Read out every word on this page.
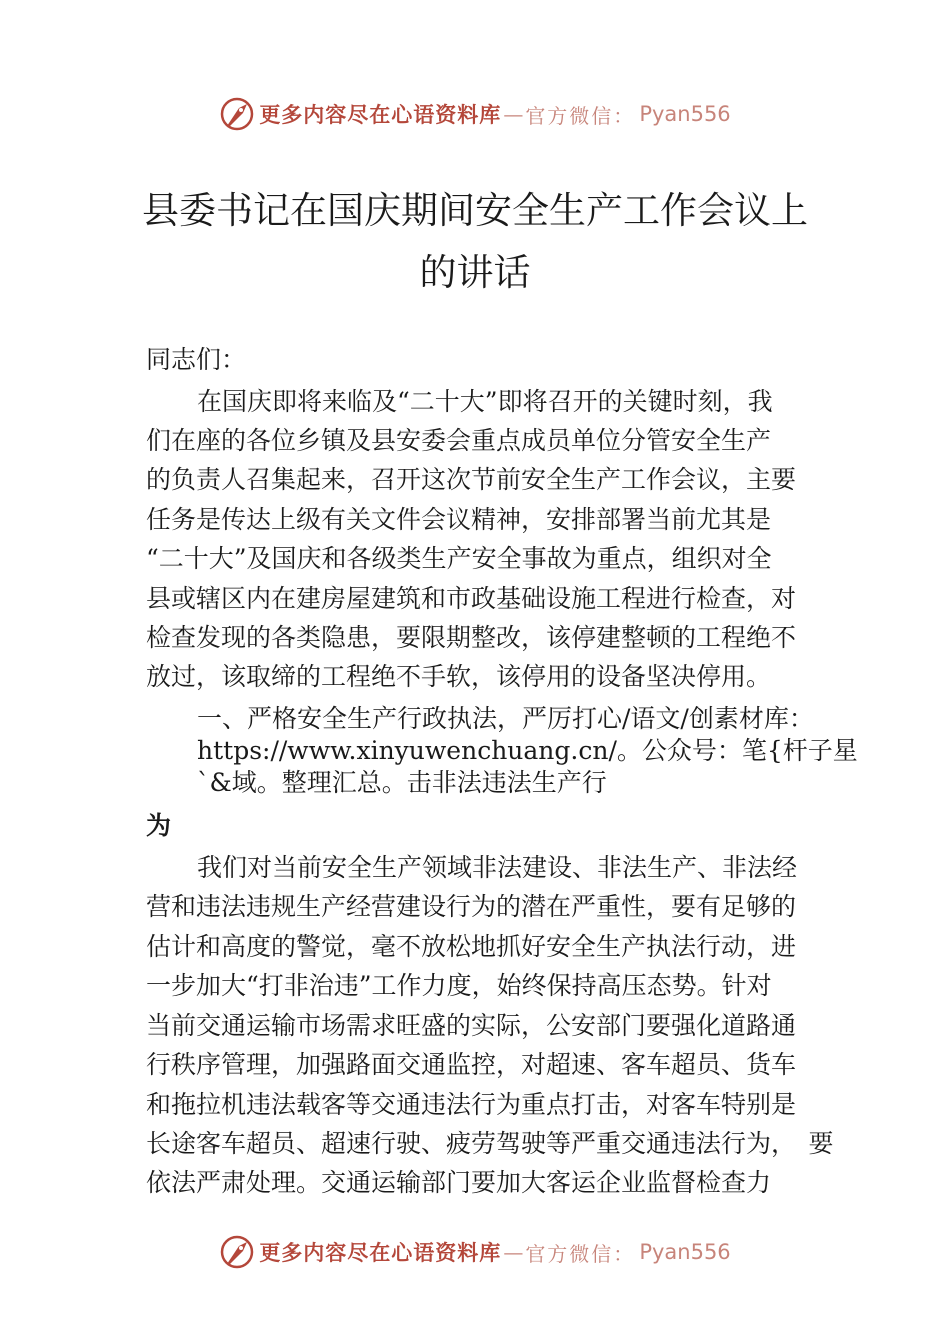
更多内容尽在心语资料库 — 官方微信： Pyan556
县委书记在国庆期间安全生产工作会议上
的讲话
同志们：
在国庆即将来临及“二十大”即将召开的关键时刻，我
们在座的各位乡镇及县安委会重点成员单位分管安全生产
的负责人召集起来，召开这次节前安全生产工作会议，主要
任务是传达上级有关文件会议精神，安排部署当前尤其是
“二十大”及国庆和各级类生产安全事故为重点，组织对全
县或辖区内在建房屋建筑和市政基础设施工程进行检查，对
检查发现的各类隐患，要限期整改，该停建整顿的工程绝不
放过，该取缔的工程绝不手软，该停用的设备坚决停用。
一、严格安全生产行政执法，严厉打心/语文/创素材库：
https://www.xinyuwenchuang.cn/。公众号：笔{杆子星
`&域。整理汇总。击非法违法生产行
为
我们对当前安全生产领域非法建设、非法生产、非法经
营和违法违规生产经营建设行为的潜在严重性，要有足够的
估计和高度的警觉，毫不放松地抓好安全生产执法行动，进
一步加大“打非治违”工作力度，始终保持高压态势。针对
当前交通运输市场需求旺盛的实际，公安部门要强化道路通
行秩序管理，加强路面交通监控，对超速、客车超员、货车
和拖拉机违法载客等交通违法行为重点打击，对客车特别是
长途客车超员、超速行驶、疲劳驾驶等严重交通违法行为，　要
依法严肃处理。交通运输部门要加大客运企业监督检查力
更多内容尽在心语资料库 — 官方微信： Pyan556
